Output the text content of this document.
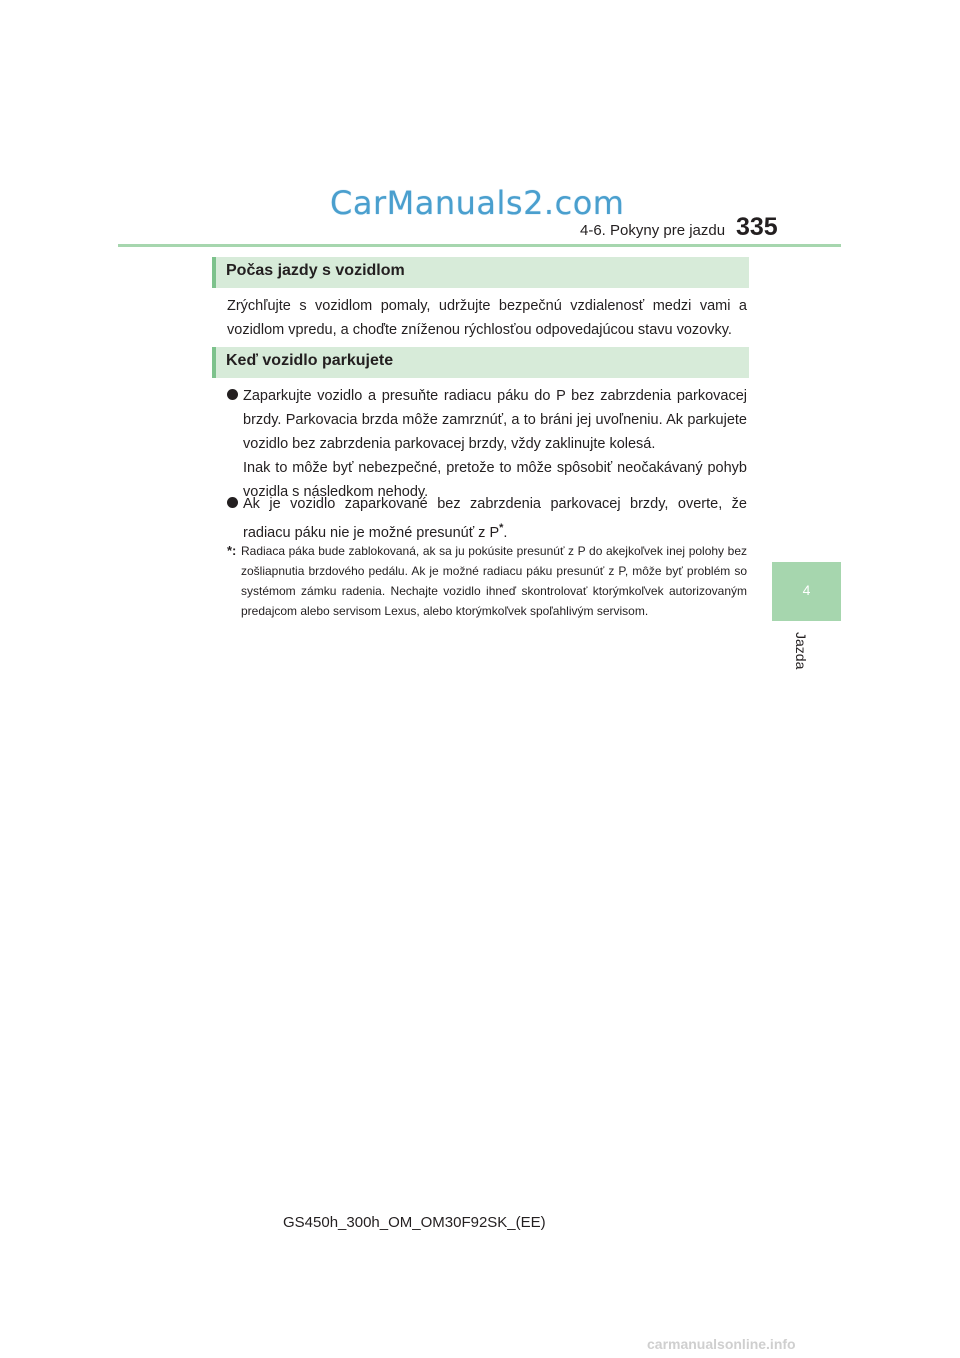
CarManuals2.com
4-6. Pokyny pre jazdu 335
4
Jazda
Počas jazdy s vozidlom
Zrýchľujte s vozidlom pomaly, udržujte bezpečnú vzdialenosť medzi vami a vozidlom vpredu, a choďte zníženou rýchlosťou odpovedajúcou stavu vozovky.
Keď vozidlo parkujete
Zaparkujte vozidlo a presuňte radiacu páku do P bez zabrzdenia parkovacej brzdy. Parkovacia brzda môže zamrznúť, a to bráni jej uvoľneniu. Ak parkujete vozidlo bez zabrzdenia parkovacej brzdy, vždy zaklinujte kolesá.
Inak to môže byť nebezpečné, pretože to môže spôsobiť neočakávaný pohyb vozidla s následkom nehody.
Ak je vozidlo zaparkované bez zabrzdenia parkovacej brzdy, overte, že radiacu páku nie je možné presunúť z P*.
*: Radiaca páka bude zablokovaná, ak sa ju pokúsite presunúť z P do akejkoľvek inej polohy bez zošliapnutia brzdového pedálu. Ak je možné radiacu páku presunúť z P, môže byť problém so systémom zámku radenia. Nechajte vozidlo ihneď skontrolovať ktorýmkoľvek autorizovaným predajcom alebo servisom Lexus, alebo ktorýmkoľvek spoľahlivým servisom.
GS450h_300h_OM_OM30F92SK_(EE)
carmanualsonline.info
